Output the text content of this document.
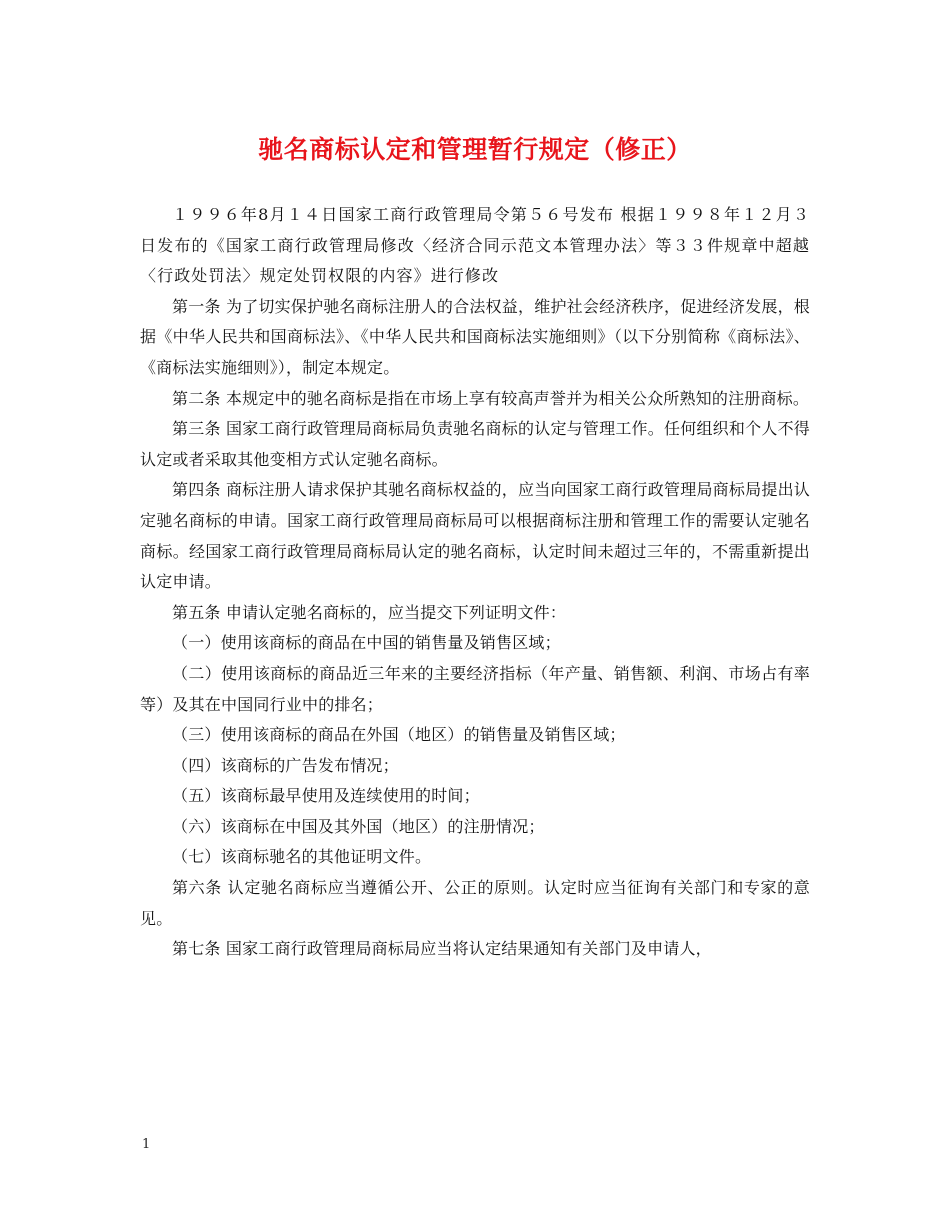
驰名商标认定和管理暂行规定（修正）

１９９６年8月１４日国家工商行政管理局令第５６号发布 根据１９９８年１２月３日发布的《国家工商行政管理局修改〈经济合同示范文本管理办法〉等３３件规章中超越〈行政处罚法〉规定处罚权限的内容》进行修改

第一条 为了切实保护驰名商标注册人的合法权益，维护社会经济秩序，促进经济发展，根据《中华人民共和国商标法》、《中华人民共和国商标法实施细则》（以下分别简称《商标法》、《商标法实施细则》），制定本规定。

第二条 本规定中的驰名商标是指在市场上享有较高声誉并为相关公众所熟知的注册商标。

第三条 国家工商行政管理局商标局负责驰名商标的认定与管理工作。任何组织和个人不得认定或者采取其他变相方式认定驰名商标。

第四条 商标注册人请求保护其驰名商标权益的，应当向国家工商行政管理局商标局提出认定驰名商标的申请。国家工商行政管理局商标局可以根据商标注册和管理工作的需要认定驰名商标。经国家工商行政管理局商标局认定的驰名商标，认定时间未超过三年的，不需重新提出认定申请。

第五条 申请认定驰名商标的，应当提交下列证明文件：

（一）使用该商标的商品在中国的销售量及销售区域；

（二）使用该商标的商品近三年来的主要经济指标（年产量、销售额、利润、市场占有率等）及其在中国同行业中的排名；

（三）使用该商标的商品在外国（地区）的销售量及销售区域；

（四）该商标的广告发布情况；

（五）该商标最早使用及连续使用的时间；

（六）该商标在中国及其外国（地区）的注册情况；

（七）该商标驰名的其他证明文件。

第六条 认定驰名商标应当遵循公开、公正的原则。认定时应当征询有关部门和专家的意见。

第七条 国家工商行政管理局商标局应当将认定结果通知有关部门及申请人，

1
